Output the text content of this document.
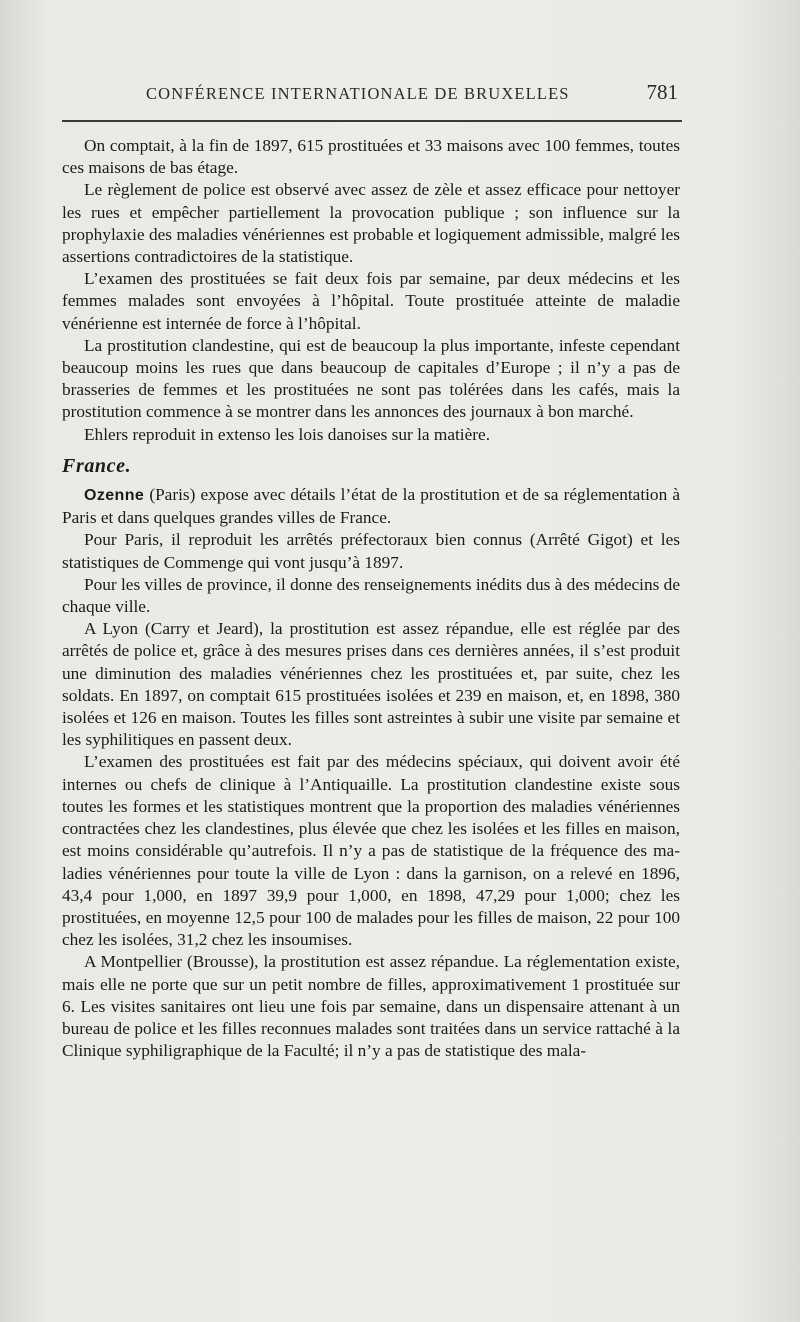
CONFÉRENCE INTERNATIONALE DE BRUXELLES	781

On comptait, à la fin de 1897, 615 prostituées et 33 maisons avec 100 femmes, toutes ces maisons de bas étage.

Le règlement de police est observé avec assez de zèle et assez efficace pour nettoyer les rues et empêcher partiellement la provocation publique ; son influence sur la prophylaxie des maladies vénériennes est probable et logiquement admissible, malgré les assertions contradictoires de la statistique.

L’examen des prostituées se fait deux fois par semaine, par deux médecins et les femmes malades sont envoyées à l’hôpital. Toute prostituée atteinte de maladie vénérienne est internée de force à l’hôpital.

La prostitution clandestine, qui est de beaucoup la plus importante, infeste cependant beaucoup moins les rues que dans beaucoup de capitales d’Europe ; il n’y a pas de brasseries de femmes et les prostituées ne sont pas tolérées dans les cafés, mais la prostitution commence à se montrer dans les annonces des journaux à bon marché.

Ehlers reproduit in extenso les lois danoises sur la matière.

France.

Ozenne (Paris) expose avec détails l’état de la prostitution et de sa réglementation à Paris et dans quelques grandes villes de France.

Pour Paris, il reproduit les arrêtés préfectoraux bien connus (Arrêté Gigot) et les statistiques de Commenge qui vont jusqu’à 1897.

Pour les villes de province, il donne des renseignements inédits dus à des médecins de chaque ville.

A Lyon (Carry et Jeard), la prostitution est assez répandue, elle est réglée par des arrêtés de police et, grâce à des mesures prises dans ces dernières années, il s’est produit une diminution des maladies vénériennes chez les prostituées et, par suite, chez les soldats. En 1897, on comptait 615 prostituées isolées et 239 en maison, et, en 1898, 380 isolées et 126 en maison. Toutes les filles sont astreintes à subir une visite par semaine et les syphilitiques en passent deux.

L’examen des prostituées est fait par des médecins spéciaux, qui doivent avoir été internes ou chefs de clinique à l’Antiquaille. La prostitution clandestine existe sous toutes les formes et les statistiques montrent que la proportion des maladies vénériennes contractées chez les clandestines, plus élevée que chez les isolées et les filles en maison, est moins considérable qu’autrefois. Il n’y a pas de statistique de la fréquence des maladies vénériennes pour toute la ville de Lyon : dans la garnison, on a relevé en 1896, 43,4 pour 1,000, en 1897 39,9 pour 1,000, en 1898, 47,29 pour 1,000; chez les prostituées, en moyenne 12,5 pour 100 de malades pour les filles de maison, 22 pour 100 chez les isolées, 31,2 chez les insoumises.

A Montpellier (Brousse), la prostitution est assez répandue. La réglementation existe, mais elle ne porte que sur un petit nombre de filles, approximativement 1 prostituée sur 6. Les visites sanitaires ont lieu une fois par semaine, dans un dispensaire attenant à un bureau de police et les filles reconnues malades sont traitées dans un service rattaché à la Clinique syphiligraphique de la Faculté; il n’y a pas de statistique des mala-
